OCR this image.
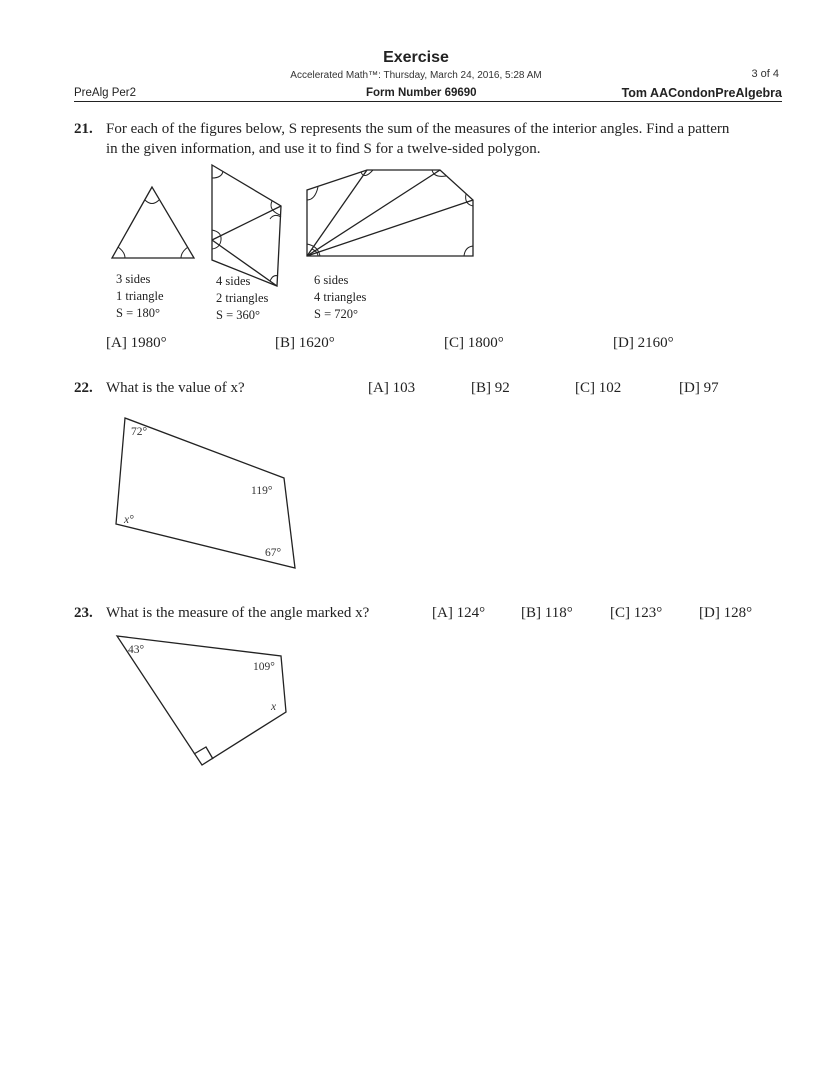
Exercise
Accelerated Math™: Thursday, March 24, 2016, 5:28 AM	3 of 4
PreAlg Per2	Form Number 69690	Tom AACondonPreAlgebra
21. For each of the figures below, S represents the sum of the measures of the interior angles. Find a pattern
in the given information, and use it to find S for a twelve-sided polygon.
3 sides
1 triangle
S = 180°
4 sides
2 triangles
S = 360°
6 sides
4 triangles
S = 720°
[A] 1980°	[B] 1620°	[C] 1800°	[D] 2160°
22. What is the value of x?	[A] 103	[B] 92	[C] 102	[D] 97
23. What is the measure of the angle marked x?	[A] 124° [B] 118° [C] 123° [D] 128°
72°
119°
x°
67°
43°
109°
x
